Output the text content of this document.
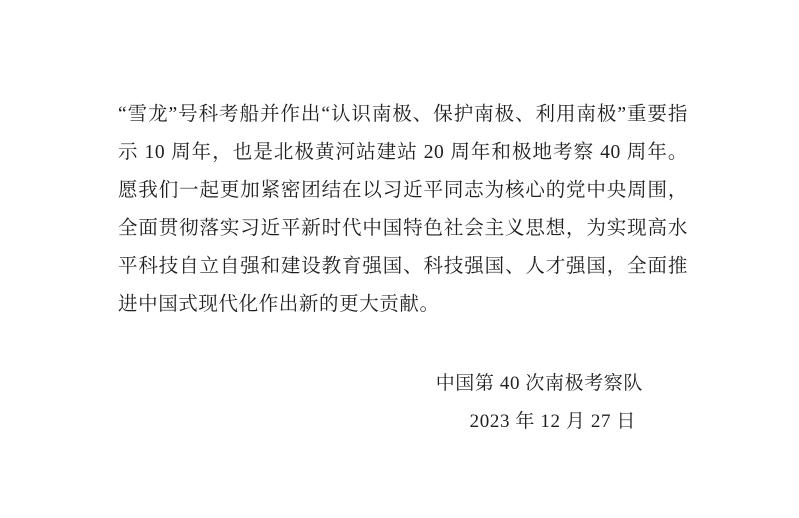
“雪龙”号科考船并作出“认识南极、保护南极、利用南极”重要指示 10 周年，也是北极黄河站建站 20 周年和极地考察 40 周年。愿我们一起更加紧密团结在以习近平同志为核心的党中央周围，全面贯彻落实习近平新时代中国特色社会主义思想，为实现高水平科技自立自强和建设教育强国、科技强国、人才强国，全面推进中国式现代化作出新的更大贡献。

中国第 40 次南极考察队
2023 年 12 月 27 日
